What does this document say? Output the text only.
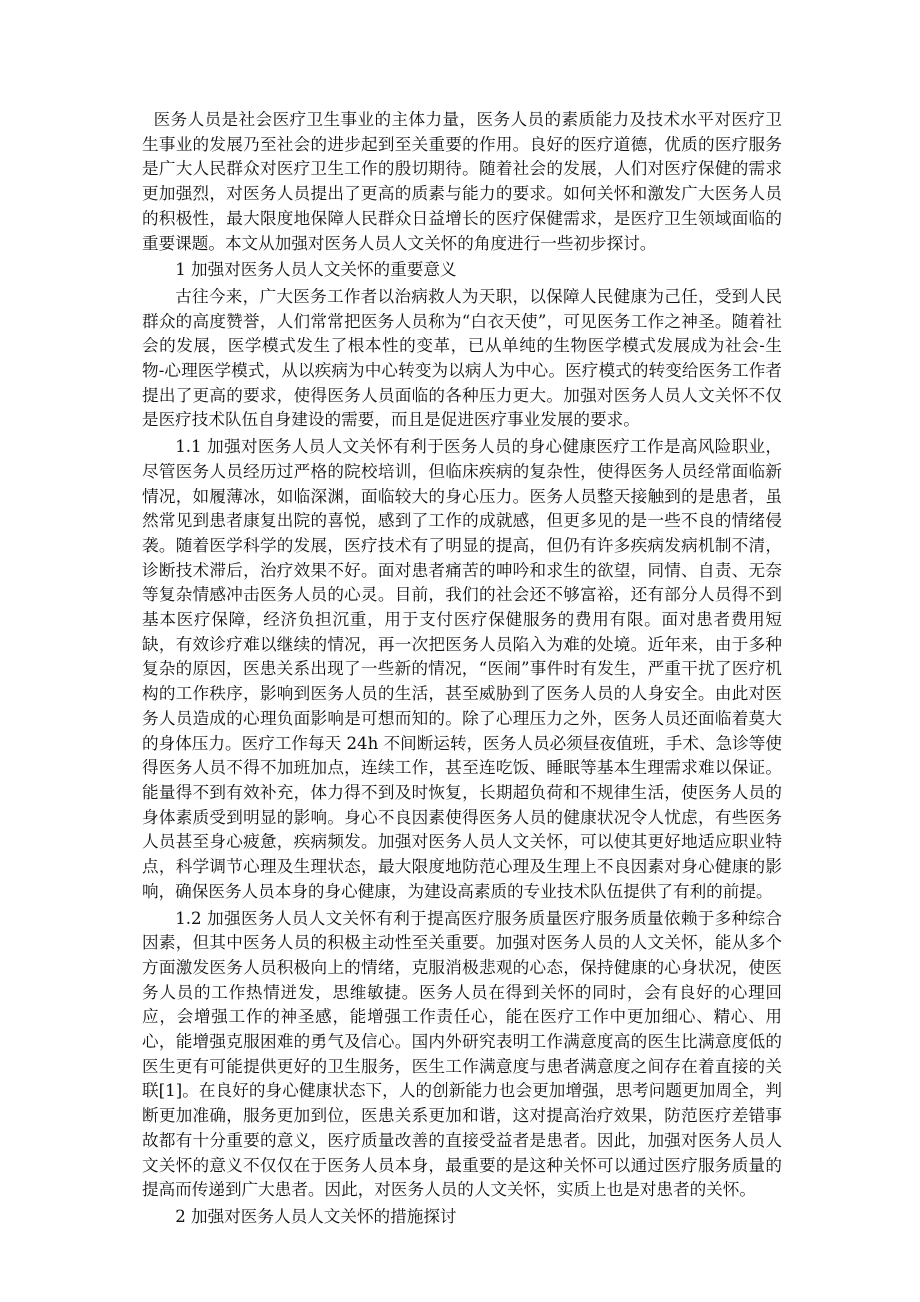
医务人员是社会医疗卫生事业的主体力量，医务人员的素质能力及技术水平对医疗卫生事业的发展乃至社会的进步起到至关重要的作用。良好的医疗道德，优质的医疗服务是广大人民群众对医疗卫生工作的殷切期待。随着社会的发展，人们对医疗保健的需求更加强烈，对医务人员提出了更高的质素与能力的要求。如何关怀和激发广大医务人员的积极性，最大限度地保障人民群众日益增长的医疗保健需求，是医疗卫生领域面临的重要课题。本文从加强对医务人员人文关怀的角度进行一些初步探讨。

1 加强对医务人员人文关怀的重要意义

古往今来，广大医务工作者以治病救人为天职，以保障人民健康为己任，受到人民群众的高度赞誉，人们常常把医务人员称为“白衣天使”，可见医务工作之神圣。随着社会的发展，医学模式发生了根本性的变革，已从单纯的生物医学模式发展成为社会-生物-心理医学模式，从以疾病为中心转变为以病人为中心。医疗模式的转变给医务工作者提出了更高的要求，使得医务人员面临的各种压力更大。加强对医务人员人文关怀不仅是医疗技术队伍自身建设的需要，而且是促进医疗事业发展的要求。

1.1 加强对医务人员人文关怀有利于医务人员的身心健康医疗工作是高风险职业，尽管医务人员经历过严格的院校培训，但临床疾病的复杂性，使得医务人员经常面临新情况，如履薄冰，如临深渊，面临较大的身心压力。医务人员整天接触到的是患者，虽然常见到患者康复出院的喜悦，感到了工作的成就感，但更多见的是一些不良的情绪侵袭。随着医学科学的发展，医疗技术有了明显的提高，但仍有许多疾病发病机制不清，诊断技术滞后，治疗效果不好。面对患者痛苦的呻吟和求生的欲望，同情、自责、无奈等复杂情感冲击医务人员的心灵。目前，我们的社会还不够富裕，还有部分人员得不到基本医疗保障，经济负担沉重，用于支付医疗保健服务的费用有限。面对患者费用短缺，有效诊疗难以继续的情况，再一次把医务人员陷入为难的处境。近年来，由于多种复杂的原因，医患关系出现了一些新的情况，“医闹”事件时有发生，严重干扰了医疗机构的工作秩序，影响到医务人员的生活，甚至威胁到了医务人员的人身安全。由此对医务人员造成的心理负面影响是可想而知的。除了心理压力之外，医务人员还面临着莫大的身体压力。医疗工作每天 24h 不间断运转，医务人员必须昼夜值班，手术、急诊等使得医务人员不得不加班加点，连续工作，甚至连吃饭、睡眠等基本生理需求难以保证。能量得不到有效补充，体力得不到及时恢复，长期超负荷和不规律生活，使医务人员的身体素质受到明显的影响。身心不良因素使得医务人员的健康状况令人忧虑，有些医务人员甚至身心疲惫，疾病频发。加强对医务人员人文关怀，可以使其更好地适应职业特点，科学调节心理及生理状态，最大限度地防范心理及生理上不良因素对身心健康的影响，确保医务人员本身的身心健康，为建设高素质的专业技术队伍提供了有利的前提。

1.2 加强医务人员人文关怀有利于提高医疗服务质量医疗服务质量依赖于多种综合因素，但其中医务人员的积极主动性至关重要。加强对医务人员的人文关怀，能从多个方面激发医务人员积极向上的情绪，克服消极悲观的心态，保持健康的心身状况，使医务人员的工作热情迸发，思维敏捷。医务人员在得到关怀的同时，会有良好的心理回应，会增强工作的神圣感，能增强工作责任心，能在医疗工作中更加细心、精心、用心，能增强克服困难的勇气及信心。国内外研究表明工作满意度高的医生比满意度低的医生更有可能提供更好的卫生服务，医生工作满意度与患者满意度之间存在着直接的关联[1]。在良好的身心健康状态下，人的创新能力也会更加增强，思考问题更加周全，判断更加准确，服务更加到位，医患关系更加和谐，这对提高治疗效果，防范医疗差错事故都有十分重要的意义，医疗质量改善的直接受益者是患者。因此，加强对医务人员人文关怀的意义不仅仅在于医务人员本身，最重要的是这种关怀可以通过医疗服务质量的提高而传递到广大患者。因此，对医务人员的人文关怀，实质上也是对患者的关怀。

2 加强对医务人员人文关怀的措施探讨
